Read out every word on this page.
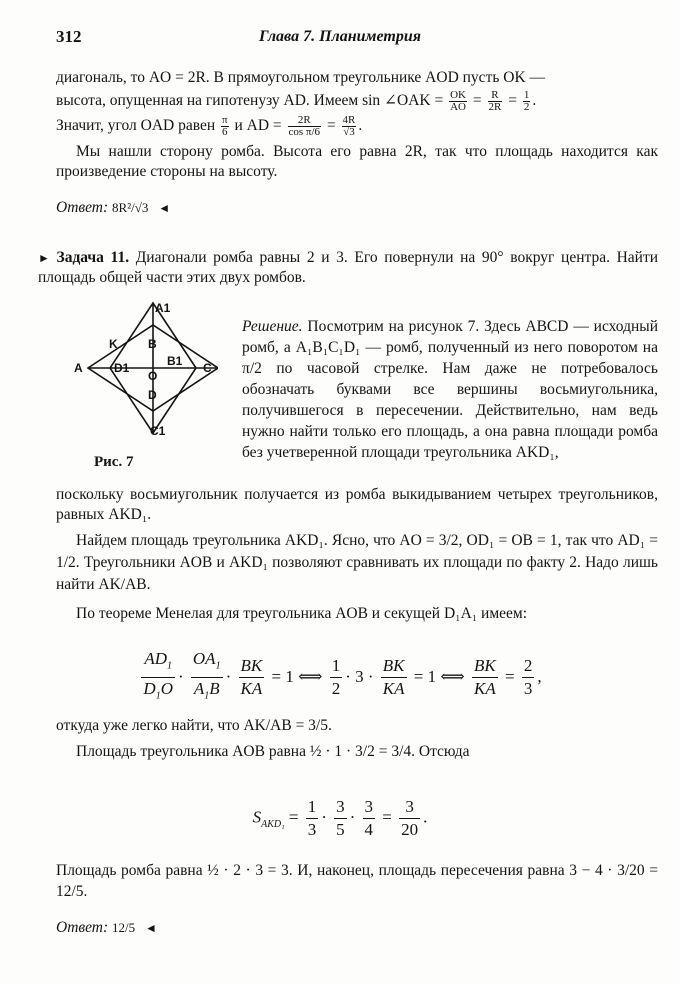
312	Глава 7. Планиметрия
диагональ, то AO = 2R. В прямоугольном треугольнике AOD пусть OK —
высота, опущенная на гипотенузу AD. Имеем sin ∠OAK = $\frac{OK}{AO} = \frac{R}{2R} = \frac{1}{2}$ .
Значит, угол OAD равен $\frac{\pi}{6}$ и AD = $\frac{2R}{\text{cos π/6}} = \frac{4R}{√3}$ .
Мы нашли сторону ромба. Высота его равна 2R, так что площадь находится как произведение стороны на высоту.
Ответ: 8R²/√3 ◄
► Задача 11. Диагонали ромба равны 2 и 3. Его повернули на 90° вокруг центра. Найти площадь общей части этих двух ромбов.
A	C
K
A1
B
B1
D1
O
D
C1
Рис. 7
Решение. Посмотрим на рисунок 7. Здесь ABCD — исходный ромб, а A₁B₁C₁D₁ — ромб, полученный из него поворотом на π/2 по часовой стрелке. Нам даже не потребовалось обозначать буквами все вершины восьмиугольника, получившегося в пересечении. Действительно, нам ведь нужно найти только его площадь, а она равна площади ромба без учетверенной площади треугольника AKD₁,
поскольку восьмиугольник получается из ромба выкидыванием четырех треугольников, равных AKD₁.
Найдем площадь треугольника AKD₁. Ясно, что AO = 3/2, OD₁ = OB = 1, так что AD₁ = 1/2. Треугольники AOB и AKD₁ позволяют сравнивать их площади по факту 2. Надо лишь найти AK/AB.
По теореме Менелая для треугольника AOB и секущей D₁A₁ имеем:
$\frac{AD_1}{D_1O} \cdot \frac{OA_1}{A_1B} \cdot \frac{BK}{KA} = 1$ ⟺ $\frac{1}{2} \cdot 3 \cdot \frac{BK}{KA} = 1$ ⟺ $\frac{BK}{KA} = \frac{2}{3}$ ,
откуда уже легко найти, что AK/AB = 3/5.
Площадь треугольника AOB равна ½ · 1 · 3/2 = 3/4. Отсюда
$S_{AKD_1} = \frac{1}{3} \cdot \frac{3}{5} \cdot \frac{3}{4} = \frac{3}{20}$ .
Площадь ромба равна ½ · 2 · 3 = 3. И, наконец, площадь пересечения равна 3 − 4 · 3/20 = 12/5.
Ответ: 12/5 ◄
